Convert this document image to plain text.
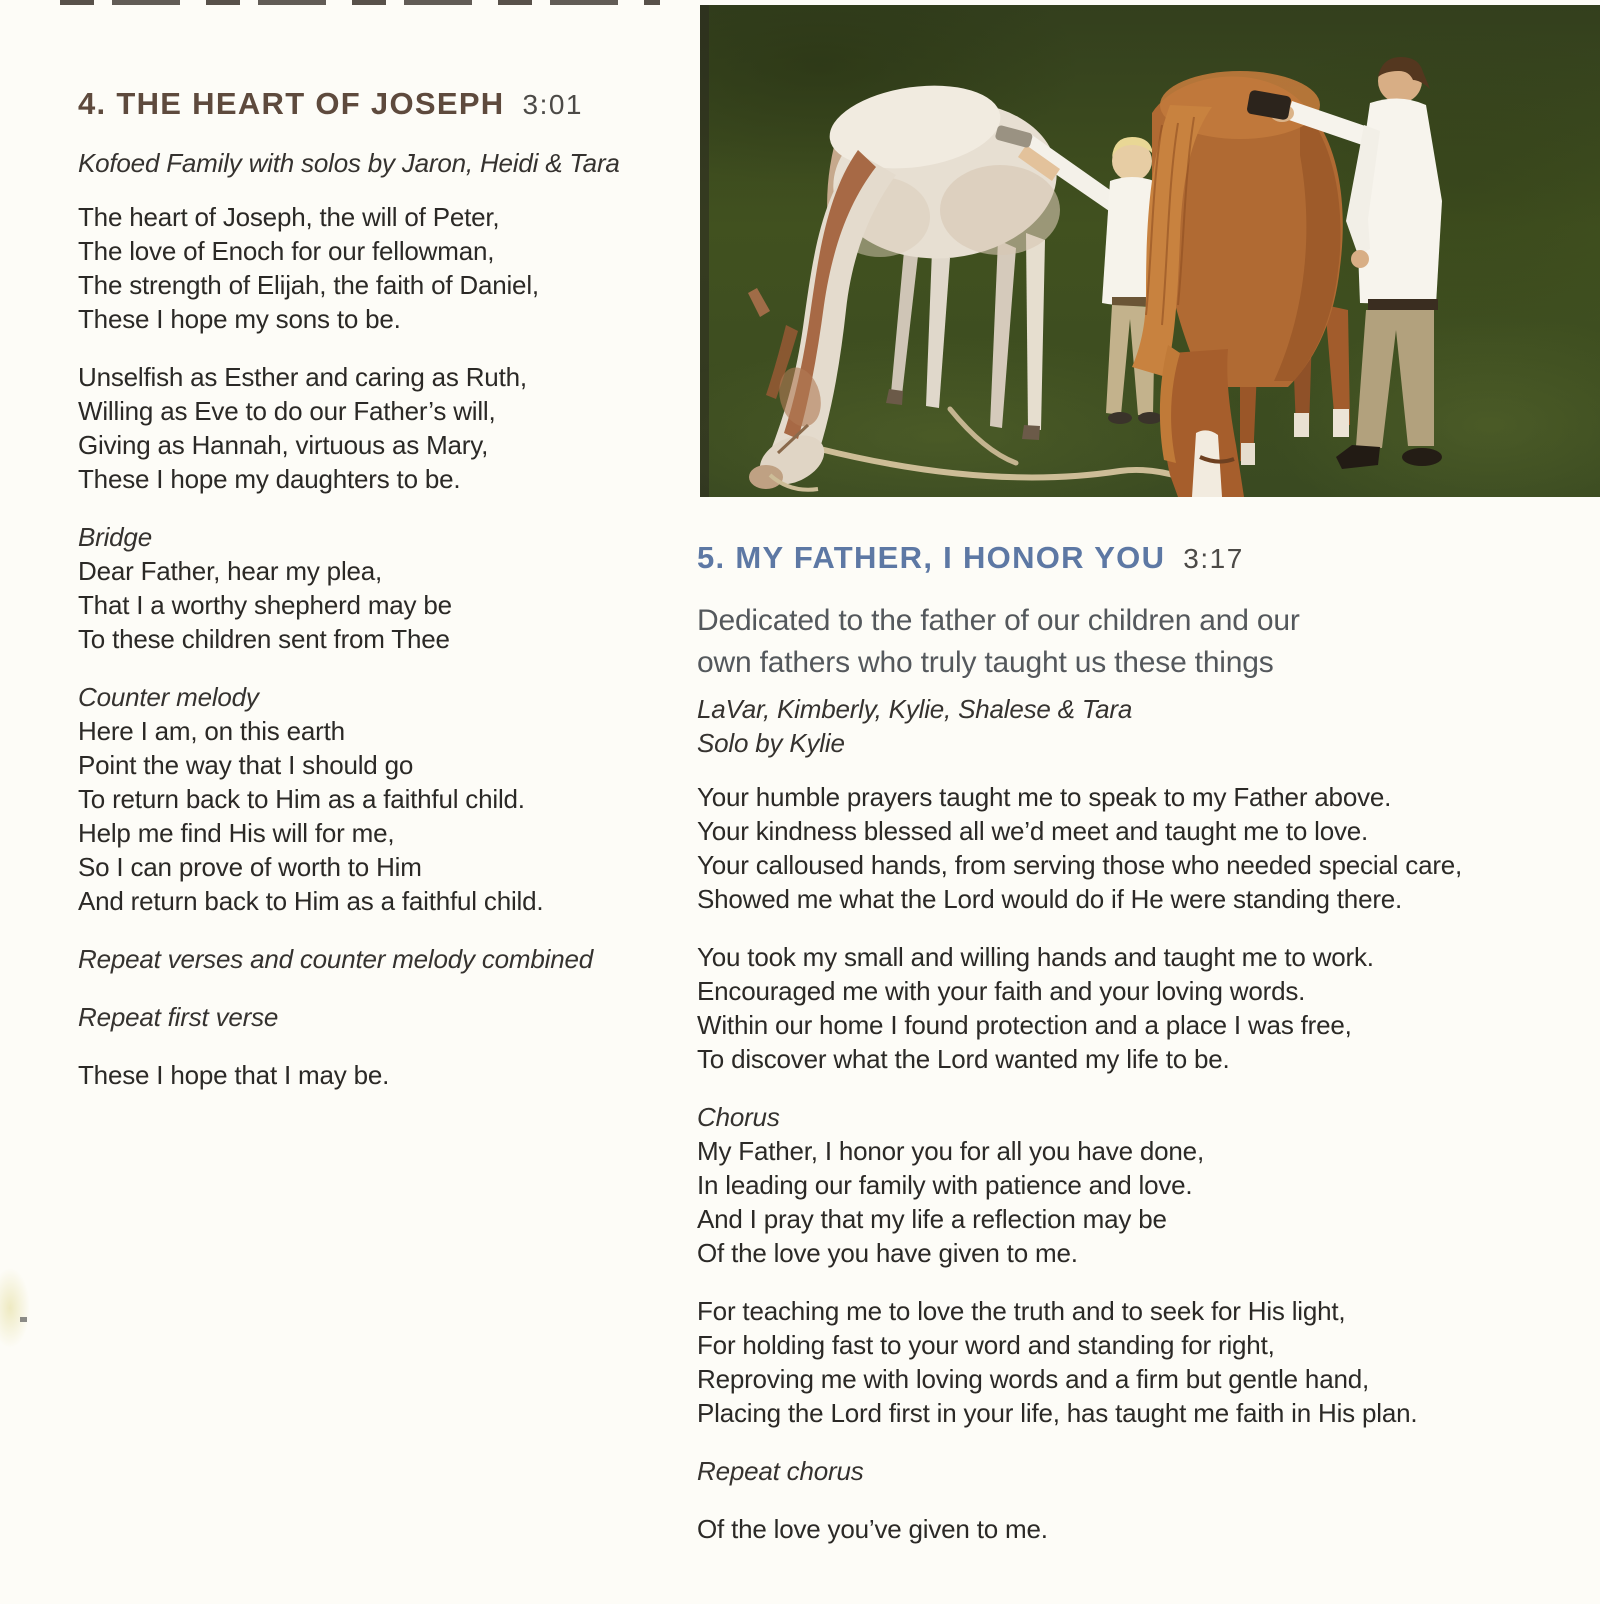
4. THE HEART OF JOSEPH 3:01
Kofoed Family with solos by Jaron, Heidi & Tara
The heart of Joseph, the will of Peter,
The love of Enoch for our fellowman,
The strength of Elijah, the faith of Daniel,
These I hope my sons to be.
Unselfish as Esther and caring as Ruth,
Willing as Eve to do our Father’s will,
Giving as Hannah, virtuous as Mary,
These I hope my daughters to be.
Bridge
Dear Father, hear my plea,
That I a worthy shepherd may be
To these children sent from Thee
Counter melody
Here I am, on this earth
Point the way that I should go
To return back to Him as a faithful child.
Help me find His will for me,
So I can prove of worth to Him
And return back to Him as a faithful child.
Repeat verses and counter melody combined
Repeat first verse
These I hope that I may be.
5. MY FATHER, I HONOR YOU 3:17
Dedicated to the father of our children and our
own fathers who truly taught us these things
LaVar, Kimberly, Kylie, Shalese & Tara
Solo by Kylie
Your humble prayers taught me to speak to my Father above.
Your kindness blessed all we’d meet and taught me to love.
Your calloused hands, from serving those who needed special care,
Showed me what the Lord would do if He were standing there.
You took my small and willing hands and taught me to work.
Encouraged me with your faith and your loving words.
Within our home I found protection and a place I was free,
To discover what the Lord wanted my life to be.
Chorus
My Father, I honor you for all you have done,
In leading our family with patience and love.
And I pray that my life a reflection may be
Of the love you have given to me.
For teaching me to love the truth and to seek for His light,
For holding fast to your word and standing for right,
Reproving me with loving words and a firm but gentle hand,
Placing the Lord first in your life, has taught me faith in His plan.
Repeat chorus
Of the love you’ve given to me.
